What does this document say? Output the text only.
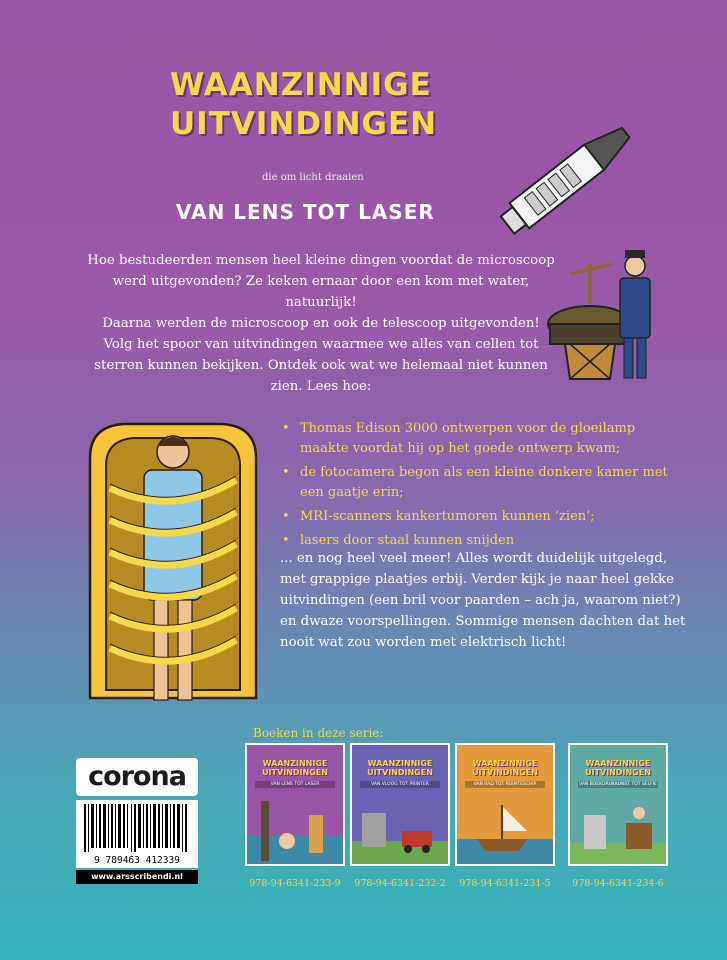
WAANZINNIGE
UITVINDINGEN
die om licht draaien
VAN LENS TOT LASER

Hoe bestudeerden mensen heel kleine dingen voordat de microscoop werd uitgevonden? Ze keken ernaar door een kom met water, natuurlijk!

Daarna werden de microscoop en ook de telescoop uitgevonden! Volg het spoor van uitvindingen waarmee we alles van cellen tot sterren kunnen bekijken. Ontdek ook wat we helemaal niet kunnen zien. Lees hoe:

• Thomas Edison 3000 ontwerpen voor de gloeilamp maakte voordat hij op het goede ontwerp kwam;
• de fotocamera begon als een kleine donkere kamer met een gaatje erin;
• MRI-scanners kankertumoren kunnen ‘zien’;
• lasers door staal kunnen snijden
... en nog heel veel meer! Alles wordt duidelijk uitgelegd, met grappige plaatjes erbij. Verder kijk je naar heel gekke uitvindingen (een bril voor paarden – ach ja, waarom niet?) en dwaze voorspellingen. Sommige mensen dachten dat het nooit wat zou worden met elektrisch licht!
Boeken in deze serie:
WAANZINNIGE
UITVINDINGEN
VAN LENS TOT LASER
WAANZINNIGE
UITVINDINGEN
VAN VLOOG TOT PRINTER
WAANZINNIGE
UITVINDINGEN
VAN RAD TOT RUIMTESCHIP
WAANZINNIGE
UITVINDINGEN
VAN BOEKDRUKKUNST TOT SELFIE
978-94-6341-233-9	978-94-6341-232-2	978-94-6341-231-5	978-94-6341-234-6
corona
9 789463 412339
www.arsscribendi.nl
